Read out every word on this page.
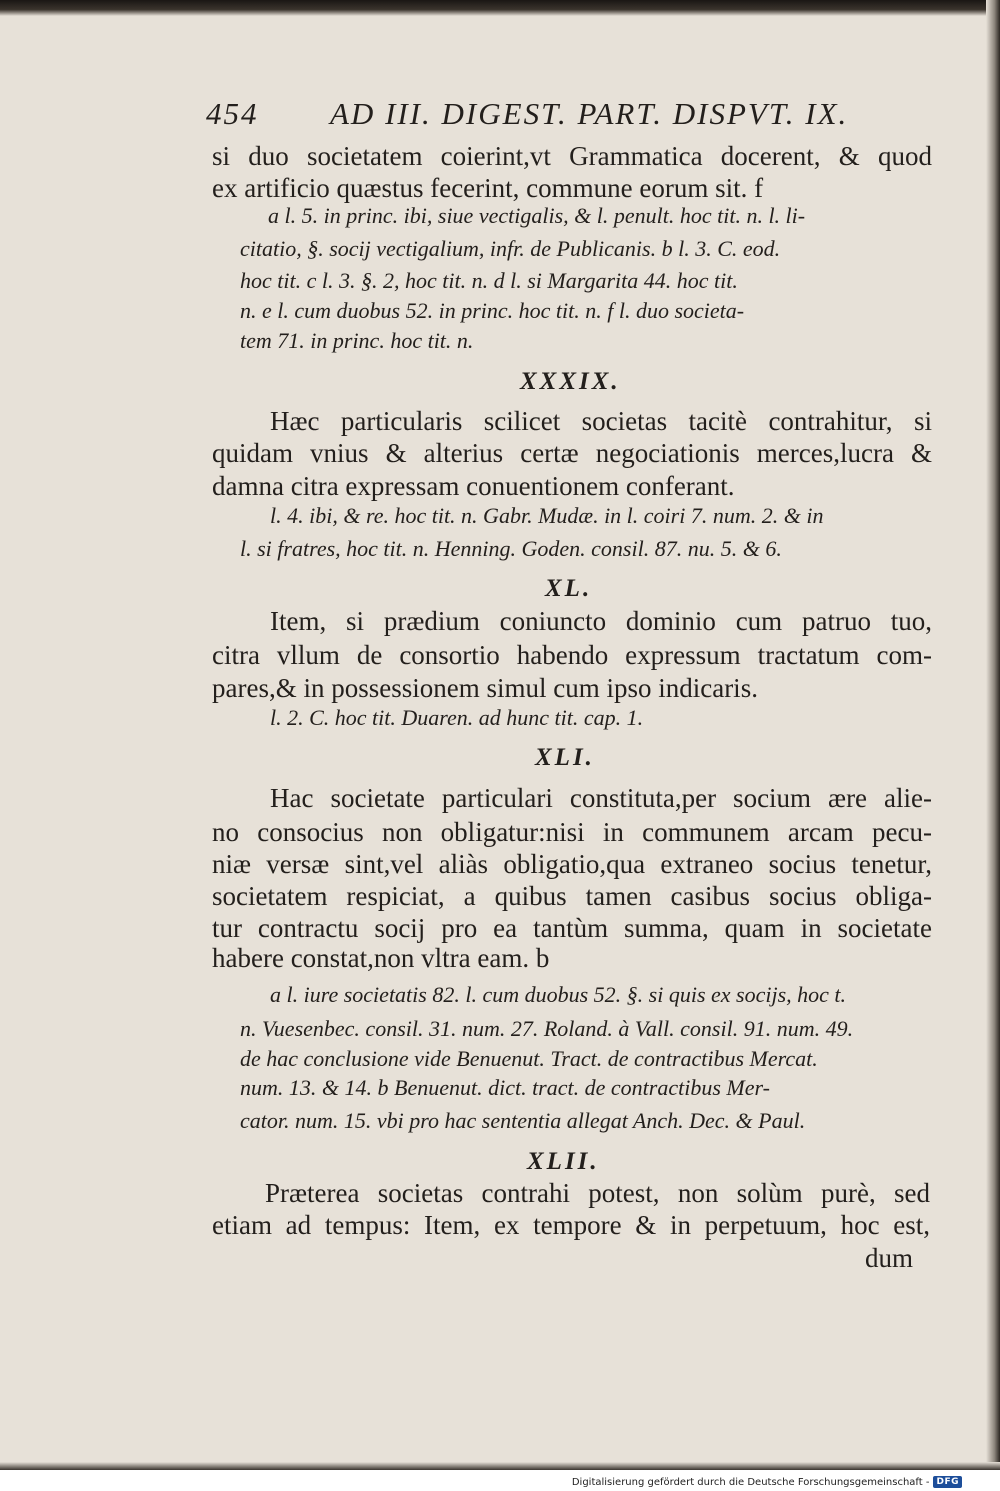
454 AD III. DIGEST. PART. DISPVT. IX.
si duo societatem coierint,vt Grammatica docerent, & quod
ex artificio quæstus fecerint, commune eorum sit. f
a l. 5. in princ. ibi, siue vectigalis, & l. penult. hoc tit. n. l. li-
citatio, §. socij vectigalium, infr. de Publicanis. b l. 3. C. eod.
hoc tit. c l. 3. §. 2, hoc tit. n. d l. si Margarita 44. hoc tit.
n. e l. cum duobus 52. in princ. hoc tit. n. f l. duo societa-
tem 71. in princ. hoc tit. n.
XXXIX.
Hæc particularis scilicet societas tacitè contrahitur, si
quidam vnius & alterius certæ negociationis merces,lucra &
damna citra expressam conuentionem conferant.
l. 4. ibi, & re. hoc tit. n. Gabr. Mudæ. in l. coiri 7. num. 2. & in
l. si fratres, hoc tit. n. Henning. Goden. consil. 87. nu. 5. & 6.
XL.
Item, si prædium coniuncto dominio cum patruo tuo,
citra vllum de consortio habendo expressum tractatum com-
pares,& in possessionem simul cum ipso indicaris.
l. 2. C. hoc tit. Duaren. ad hunc tit. cap. 1.
XLI.
Hac societate particulari constituta,per socium ære alie-
no consocius non obligatur:nisi in communem arcam pecu-
niæ versæ sint,vel aliàs obligatio,qua extraneo socius tenetur,
societatem respiciat, a quibus tamen casibus socius obliga-
tur contractu socij pro ea tantùm summa, quam in societate
habere constat,non vltra eam. b
a l. iure societatis 82. l. cum duobus 52. §. si quis ex socijs, hoc t.
n. Vuesenbec. consil. 31. num. 27. Roland. à Vall. consil. 91. num. 49.
de hac conclusione vide Benuenut. Tract. de contractibus Mercat.
num. 13. & 14. b Benuenut. dict. tract. de contractibus Mer-
cator. num. 15. vbi pro hac sententia allegat Anch. Dec. & Paul.
XLII.
Præterea societas contrahi potest, non solùm purè, sed
etiam ad tempus: Item, ex tempore & in perpetuum, hoc est,
dum
Digitalisierung gefördert durch die Deutsche Forschungsgemeinschaft - DFG
